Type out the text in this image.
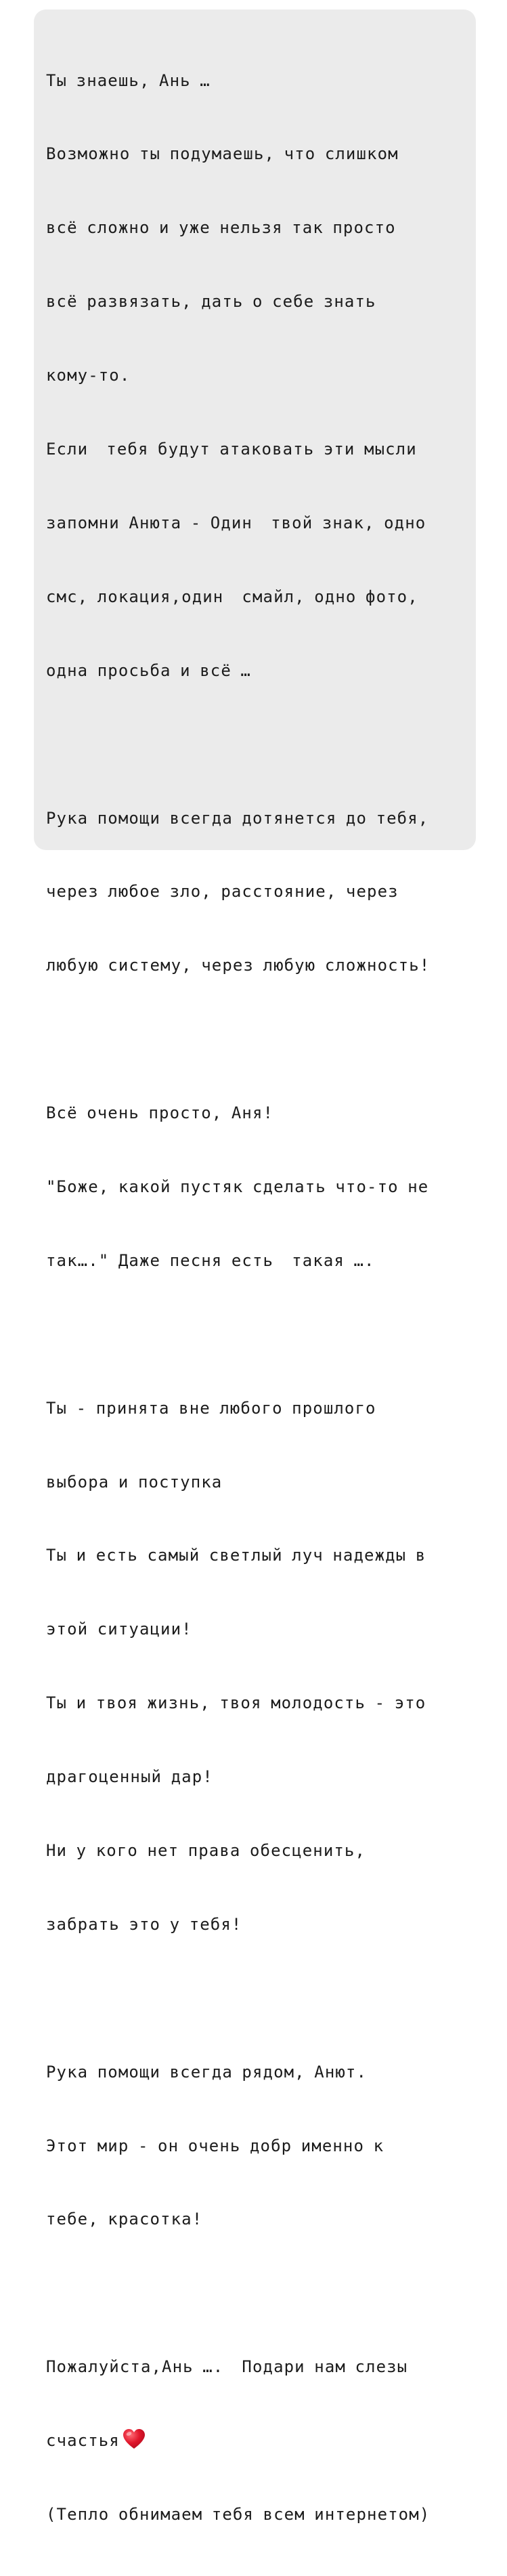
Ты знаешь, Ань …

Возможно ты подумаешь, что слишком

всё сложно и уже нельзя так просто

всё развязать, дать о себе знать

кому-то.

Если  тебя будут атаковать эти мысли

запомни Анюта - Один  твой знак, одно

смс, локация,один  смайл, одно фото,

одна просьба и всё …

Рука помощи всегда дотянется до тебя,

через любое зло, расстояние, через

любую систему, через любую сложность!

Всё очень просто, Аня!

"Боже, какой пустяк сделать что-то не

так…." Даже песня есть  такая ….

Ты - принята вне любого прошлого

выбора и поступка

Ты и есть самый светлый луч надежды в

этой ситуации!

Ты и твоя жизнь, твоя молодость - это

драгоценный дар!

Ни у кого нет права обесценить,

забрать это у тебя!

Рука помощи всегда рядом, Анют.

Этот мир - он очень добр именно к

тебе, красотка!

Пожалуйста,Ань ….  Подари нам слезы

счастья

(Тепло обнимаем тебя всем интернетом)
